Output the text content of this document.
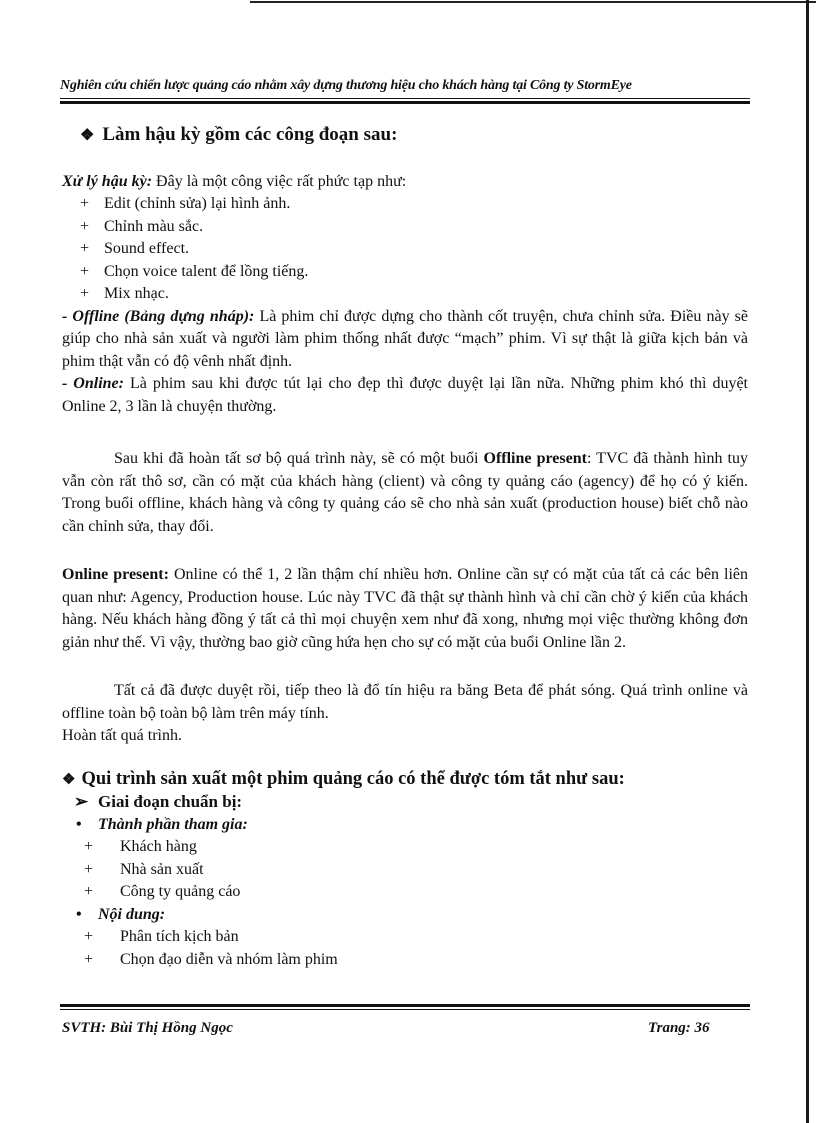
Nghiên cứu chiến lược quảng cáo nhằm xây dựng thương hiệu cho khách hàng tại Công ty StormEye
❖ Làm hậu kỳ gồm các công đoạn sau:

Xử lý hậu kỳ: Đây là một công việc rất phức tạp như:

+ Edit (chỉnh sửa) lại hình ảnh.
+ Chỉnh màu sắc.
+ Sound effect.
+ Chọn voice talent để lồng tiếng.
+ Mix nhạc.

- Offline (Bảng dựng nháp): Là phim chỉ được dựng cho thành cốt truyện, chưa chỉnh sửa. Điều này sẽ giúp cho nhà sản xuất và người làm phim thống nhất được “mạch” phim. Vì sự thật là giữa kịch bản và phim thật vẫn có độ vênh nhất định.

- Online: Là phim sau khi được tút lại cho đẹp thì được duyệt lại lần nữa. Những phim khó thì duyệt Online 2, 3 lần là chuyện thường.

Sau khi đã hoàn tất sơ bộ quá trình này, sẽ có một buổi Offline present: TVC đã thành hình tuy vẫn còn rất thô sơ, cần có mặt của khách hàng (client) và công ty quảng cáo (agency) để họ có ý kiến. Trong buổi offline, khách hàng và công ty quảng cáo sẽ cho nhà sản xuất (production house) biết chỗ nào cần chỉnh sửa, thay đổi.

Online present: Online có thể 1, 2 lần thậm chí nhiều hơn. Online cần sự có mặt của tất cả các bên liên quan như: Agency, Production house. Lúc này TVC đã thật sự thành hình và chỉ cần chờ ý kiến của khách hàng. Nếu khách hàng đồng ý tất cả thì mọi chuyện xem như đã xong, nhưng mọi việc thường không đơn giản như thế. Vì vậy, thường bao giờ cũng hứa hẹn cho sự có mặt của buổi Online lần 2.

Tất cả đã được duyệt rồi, tiếp theo là đổ tín hiệu ra băng Beta để phát sóng. Quá trình online và offline toàn bộ toàn bộ làm trên máy tính.

Hoàn tất quá trình.

❖ Qui trình sản xuất một phim quảng cáo có thể được tóm tắt như sau:
➢ Giai đoạn chuẩn bị:
• Thành phần tham gia:
+ Khách hàng
+ Nhà sản xuất
+ Công ty quảng cáo
• Nội dung:
+ Phân tích kịch bản
+ Chọn đạo diễn và nhóm làm phim
SVTH: Bùi Thị Hồng Ngọc	Trang: 36
